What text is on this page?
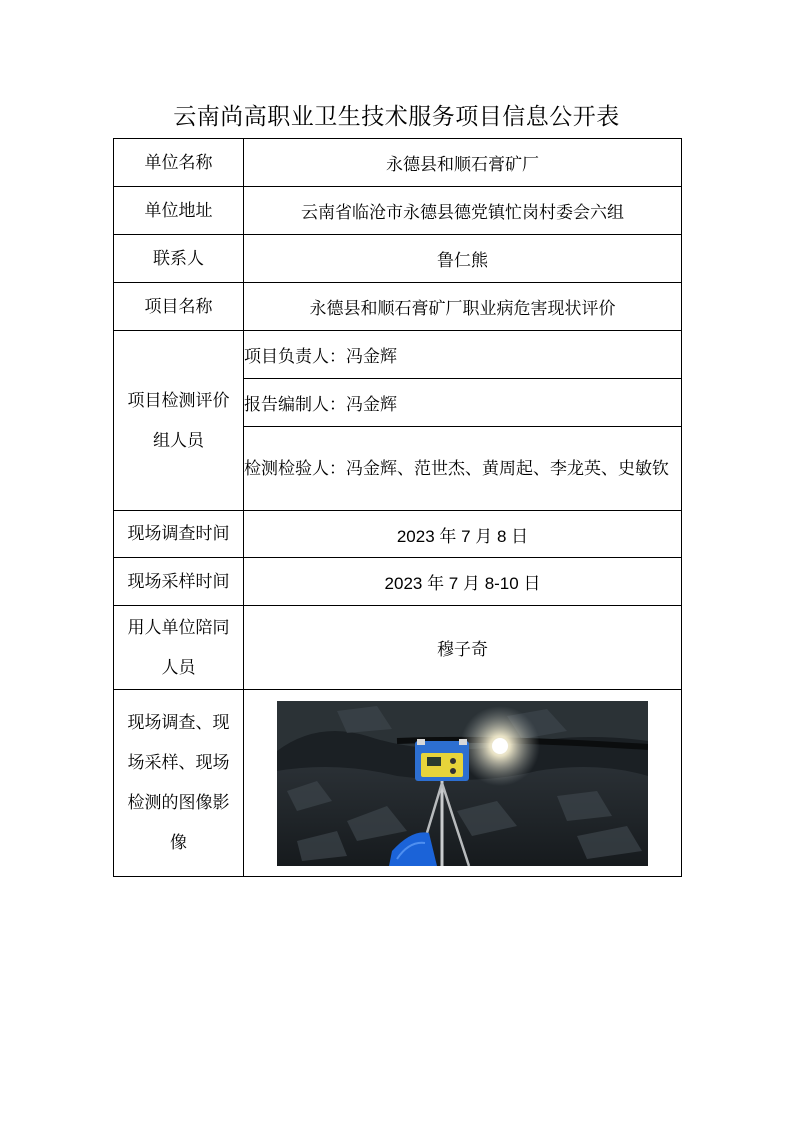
云南尚高职业卫生技术服务项目信息公开表
单位名称	永德县和顺石膏矿厂
单位地址	云南省临沧市永德县德党镇忙岗村委会六组
联系人	鲁仁熊
项目名称	永德县和顺石膏矿厂职业病危害现状评价
项目检测评价组人员	项目负责人：冯金辉
	报告编制人：冯金辉
	检测检验人：冯金辉、范世杰、黄周起、李龙英、史敏钦
现场调查时间	2023 年 7 月 8 日
现场采样时间	2023 年 7 月 8-10 日
用人单位陪同人员	穆子奇
现场调查、现场采样、现场检测的图像影像	
